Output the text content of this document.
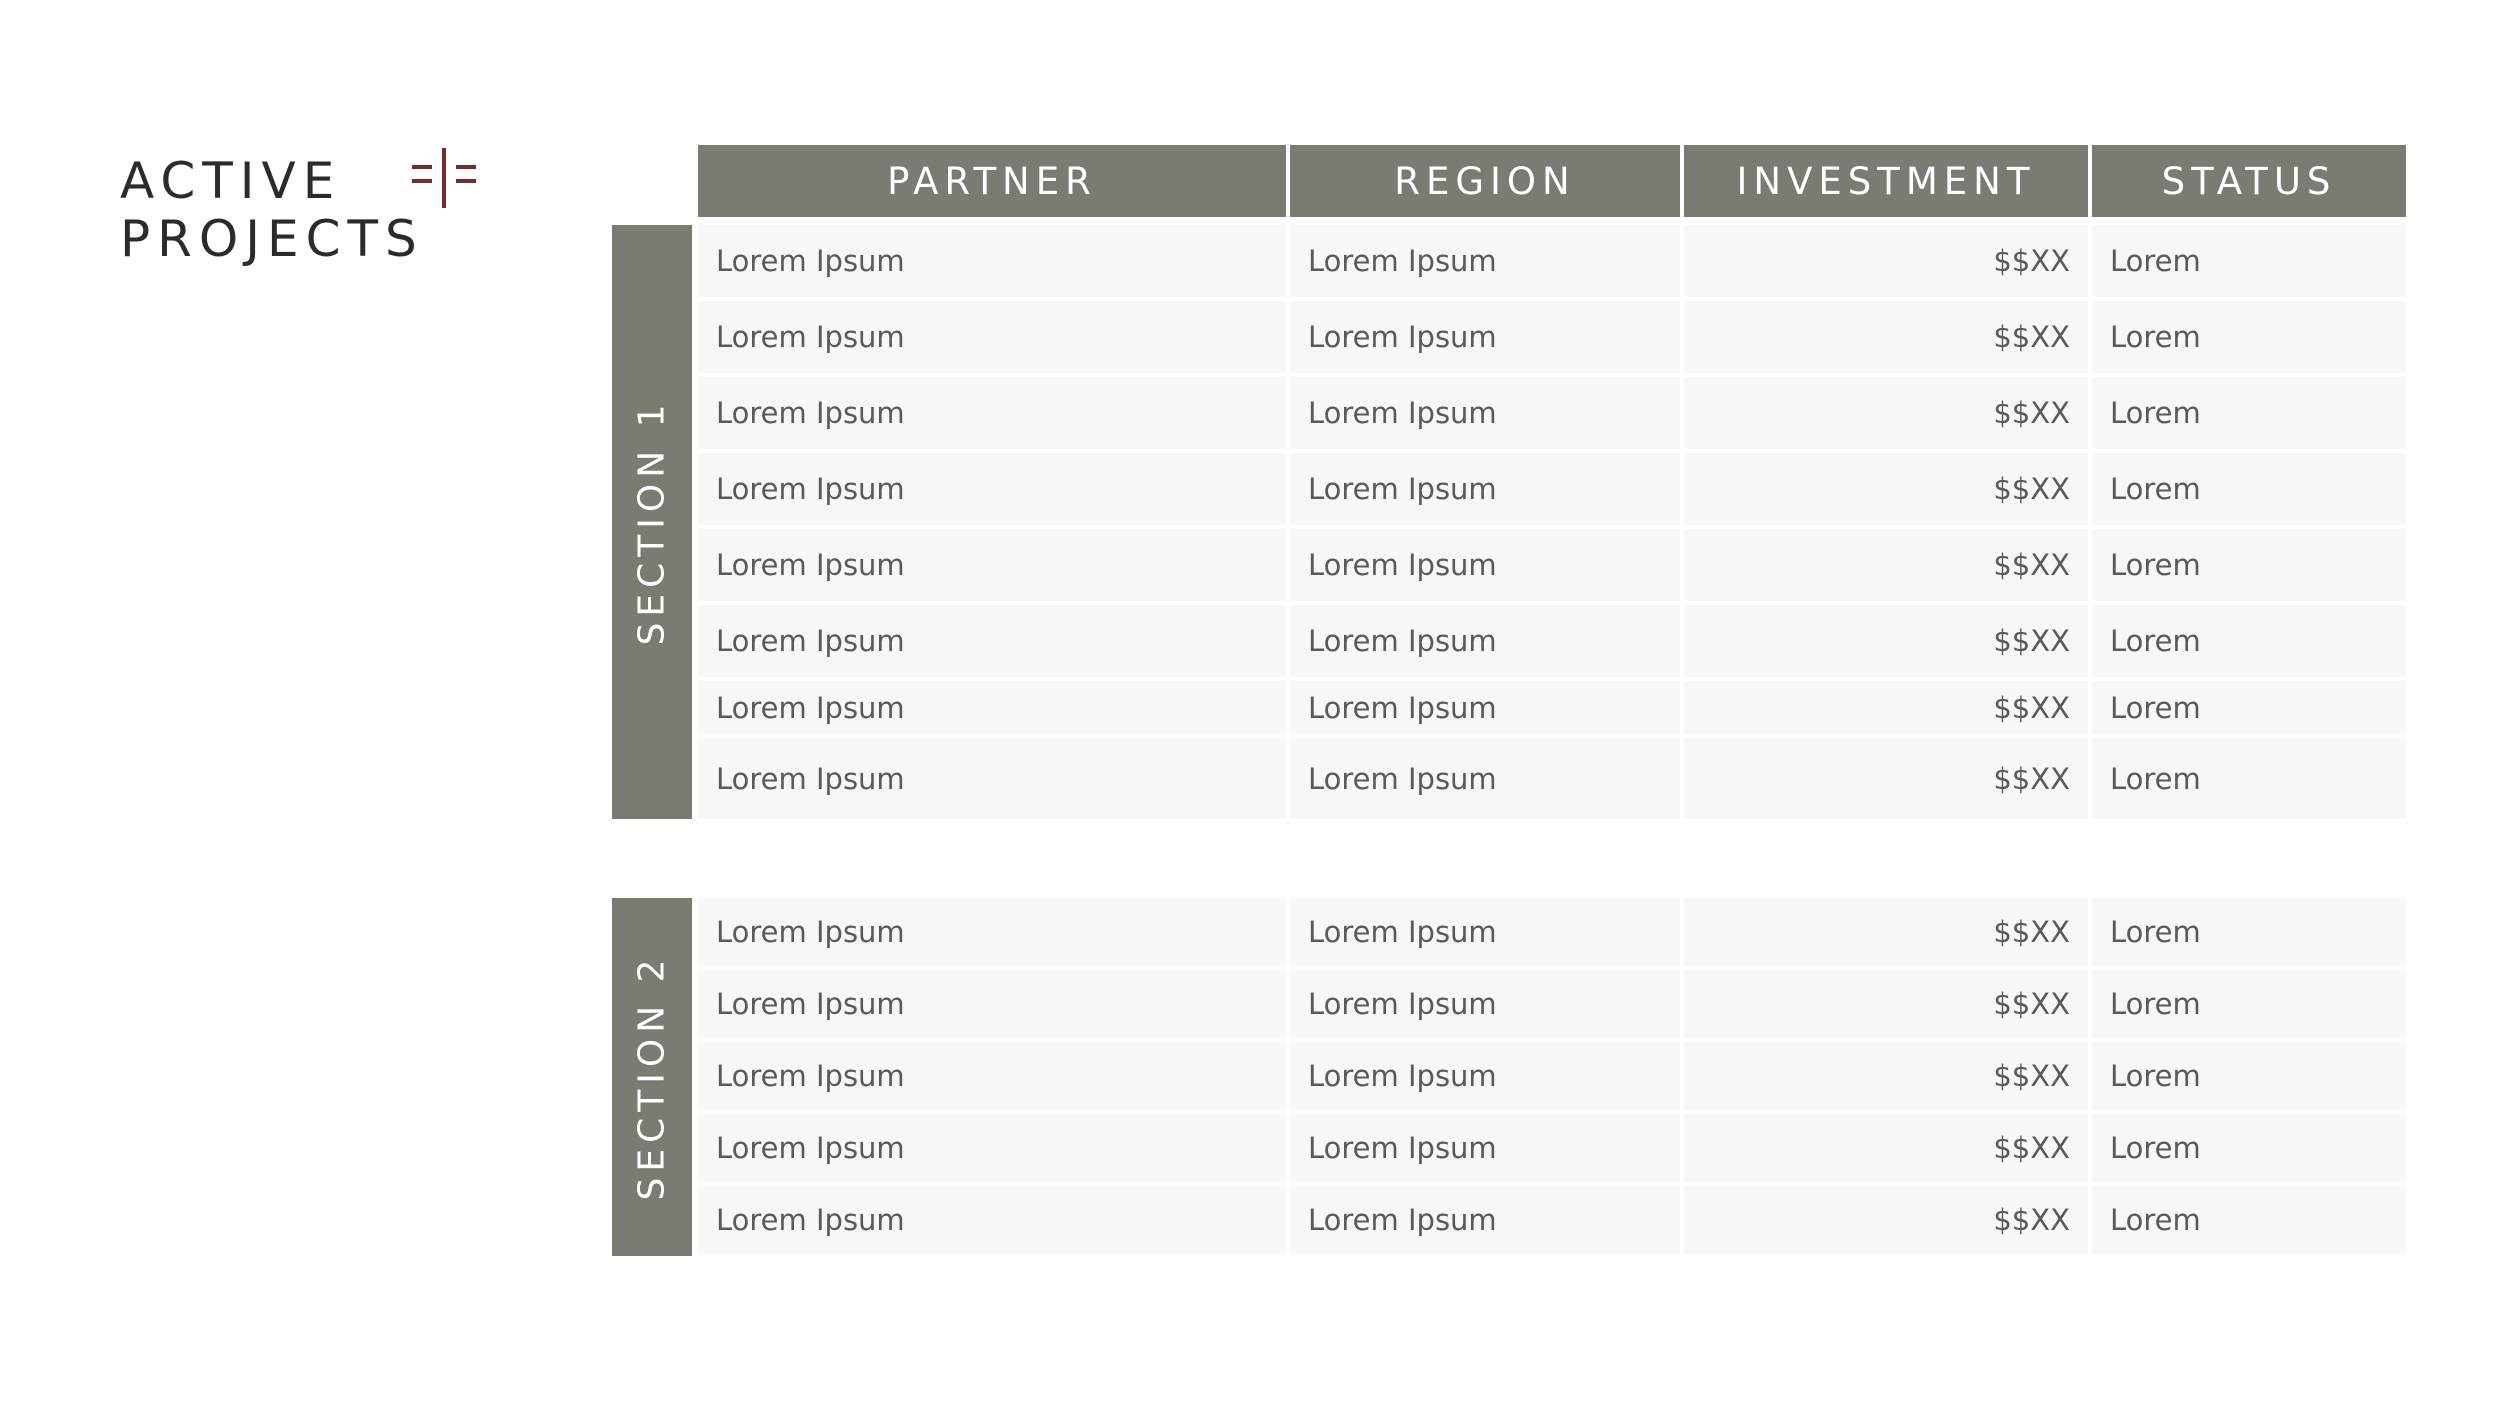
ACTIVE
PROJECTS
PARTNER	REGION	INVESTMENT	STATUS
SECTION 1
Lorem Ipsum	Lorem Ipsum	$$XX	Lorem
Lorem Ipsum	Lorem Ipsum	$$XX	Lorem
Lorem Ipsum	Lorem Ipsum	$$XX	Lorem
Lorem Ipsum	Lorem Ipsum	$$XX	Lorem
Lorem Ipsum	Lorem Ipsum	$$XX	Lorem
Lorem Ipsum	Lorem Ipsum	$$XX	Lorem
Lorem Ipsum	Lorem Ipsum	$$XX	Lorem
Lorem Ipsum	Lorem Ipsum	$$XX	Lorem
SECTION 2
Lorem Ipsum	Lorem Ipsum	$$XX	Lorem
Lorem Ipsum	Lorem Ipsum	$$XX	Lorem
Lorem Ipsum	Lorem Ipsum	$$XX	Lorem
Lorem Ipsum	Lorem Ipsum	$$XX	Lorem
Lorem Ipsum	Lorem Ipsum	$$XX	Lorem
